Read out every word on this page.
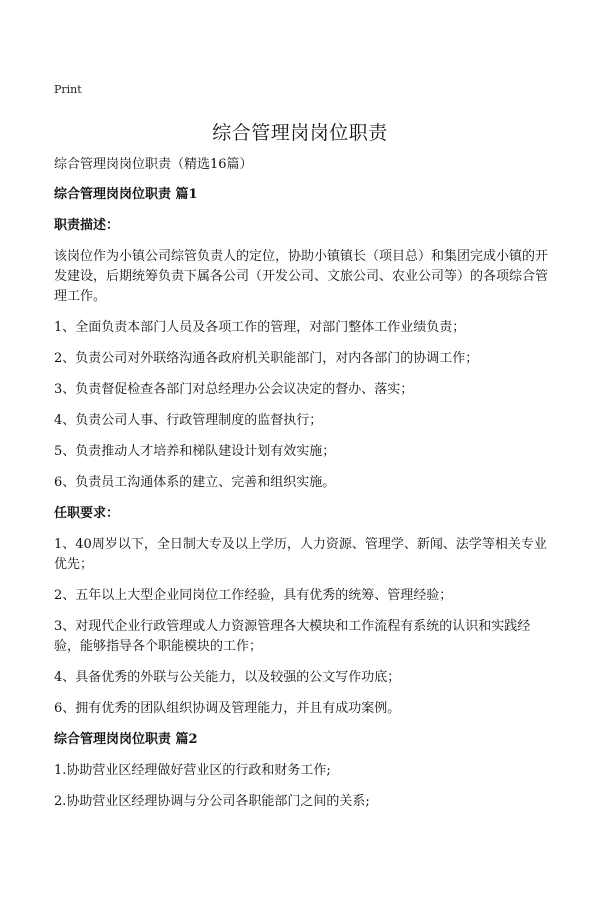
Print
综合管理岗岗位职责
综合管理岗岗位职责（精选16篇）
综合管理岗岗位职责 篇1
职责描述：
该岗位作为小镇公司综管负责人的定位，协助小镇镇长（项目总）和集团完成小镇的开发建设，后期统筹负责下属各公司（开发公司、文旅公司、农业公司等）的各项综合管理工作。
1、全面负责本部门人员及各项工作的管理，对部门整体工作业绩负责；
2、负责公司对外联络沟通各政府机关职能部门，对内各部门的协调工作；
3、负责督促检查各部门对总经理办公会议决定的督办、落实；
4、负责公司人事、行政管理制度的监督执行；
5、负责推动人才培养和梯队建设计划有效实施；
6、负责员工沟通体系的建立、完善和组织实施。
任职要求：
1、40周岁以下，全日制大专及以上学历，人力资源、管理学、新闻、法学等相关专业优先；
2、五年以上大型企业同岗位工作经验，具有优秀的统筹、管理经验；
3、对现代企业行政管理或人力资源管理各大模块和工作流程有系统的认识和实践经验，能够指导各个职能模块的工作；
4、具备优秀的外联与公关能力，以及较强的公文写作功底；
6、拥有优秀的团队组织协调及管理能力，并且有成功案例。
综合管理岗岗位职责 篇2
1.协助营业区经理做好营业区的行政和财务工作;
2.协助营业区经理协调与分公司各职能部门之间的关系;
